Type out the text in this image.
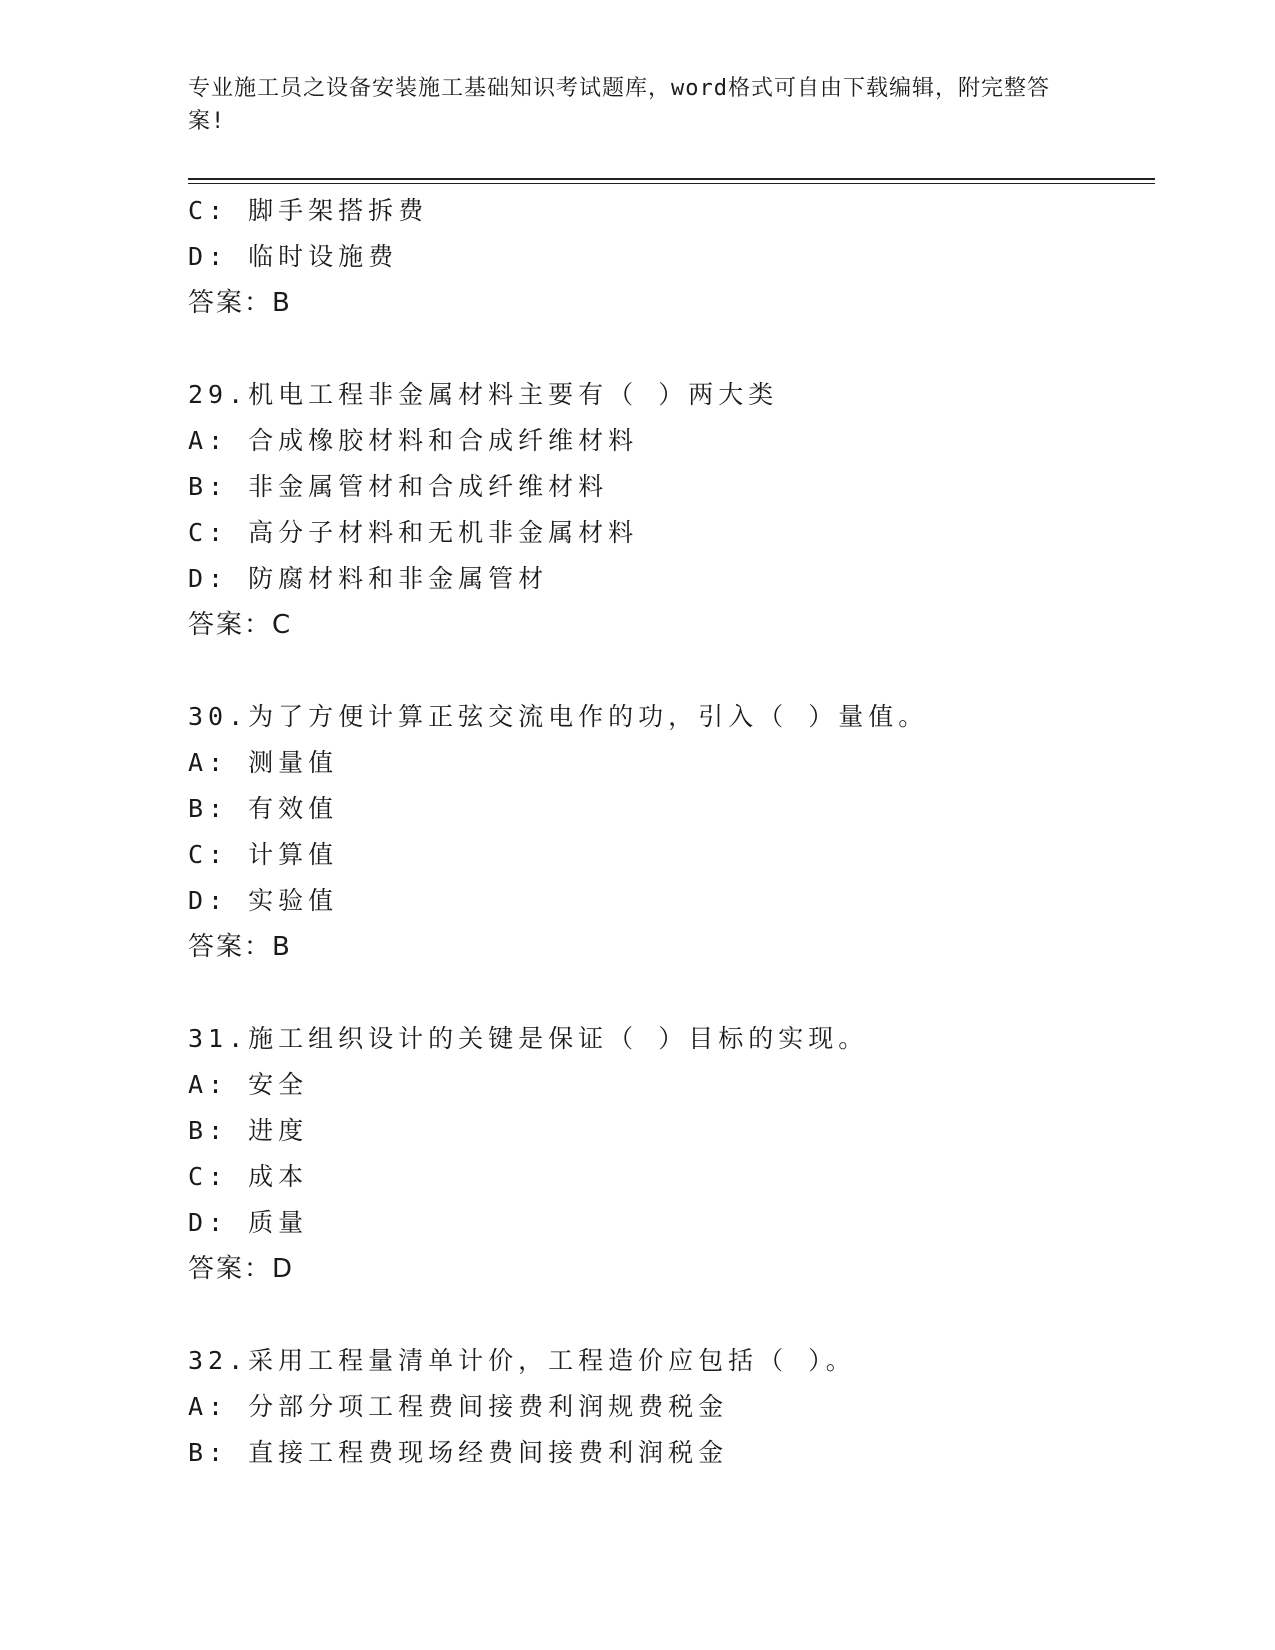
专业施工员之设备安装施工基础知识考试题库，word格式可自由下载编辑，附完整答案!
C: 脚手架搭拆费
D: 临时设施费
答案：B
29.机电工程非金属材料主要有（ ）两大类
A: 合成橡胶材料和合成纤维材料
B: 非金属管材和合成纤维材料
C: 高分子材料和无机非金属材料
D: 防腐材料和非金属管材
答案：C
30.为了方便计算正弦交流电作的功，引入（ ）量值。
A: 测量值
B: 有效值
C: 计算值
D: 实验值
答案：B
31.施工组织设计的关键是保证（ ）目标的实现。
A: 安全
B: 进度
C: 成本
D: 质量
答案：D
32.采用工程量清单计价，工程造价应包括（ ）。
A: 分部分项工程费间接费利润规费税金
B: 直接工程费现场经费间接费利润税金
